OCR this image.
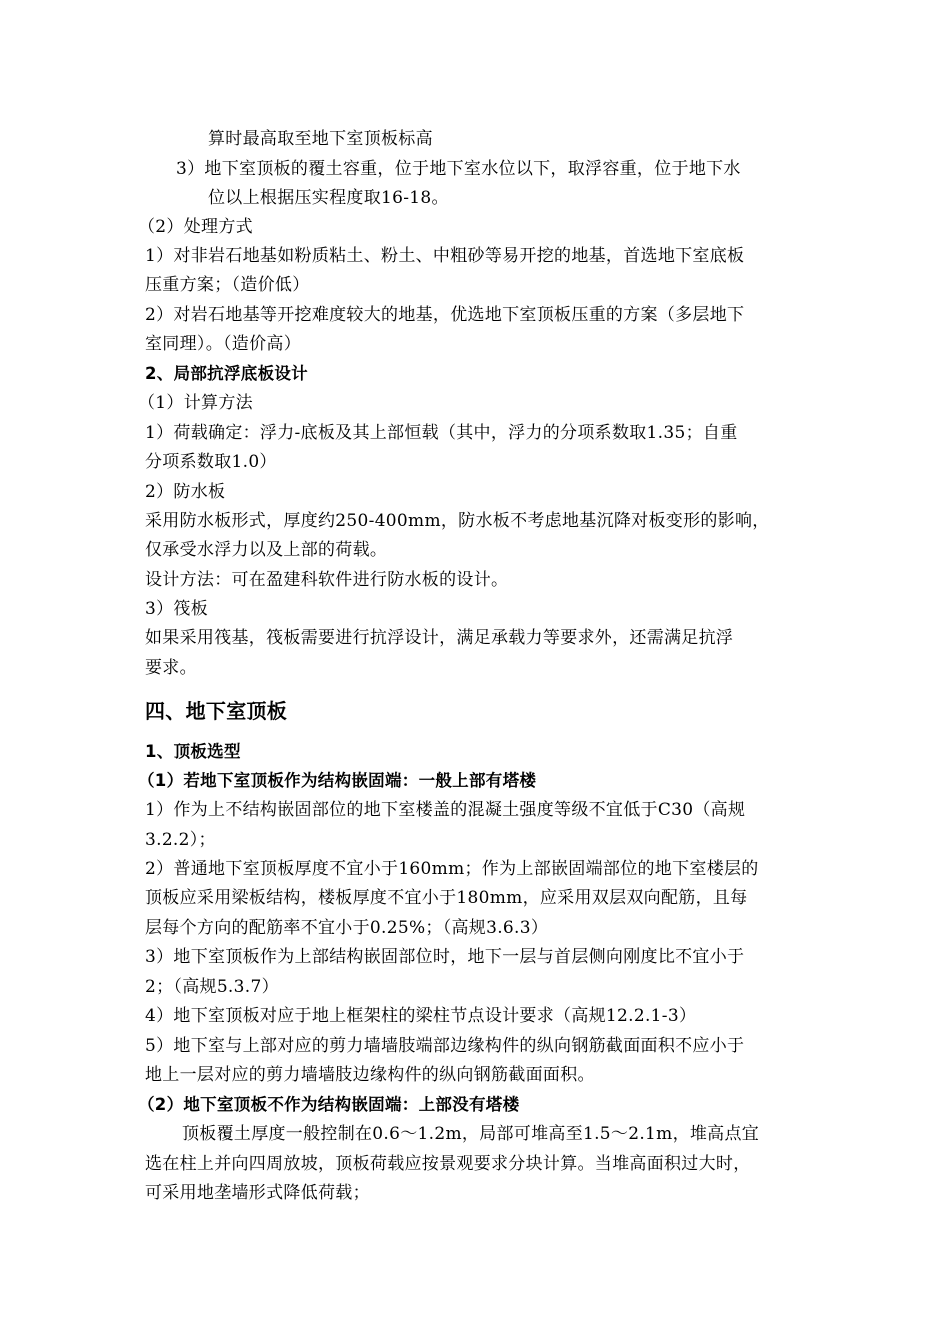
算时最高取至地下室顶板标高
3）地下室顶板的覆土容重，位于地下室水位以下，取浮容重，位于地下水
位以上根据压实程度取16-18。
（2）处理方式
1）对非岩石地基如粉质粘土、粉土、中粗砂等易开挖的地基，首选地下室底板
压重方案；（造价低）
2）对岩石地基等开挖难度较大的地基，优选地下室顶板压重的方案（多层地下
室同理）。（造价高）
2、局部抗浮底板设计
（1）计算方法
1）荷载确定：浮力-底板及其上部恒载（其中，浮力的分项系数取1.35；自重
分项系数取1.0）
2）防水板
采用防水板形式，厚度约250-400mm，防水板不考虑地基沉降对板变形的影响，
仅承受水浮力以及上部的荷载。
设计方法：可在盈建科软件进行防水板的设计。
3）筏板
如果采用筏基，筏板需要进行抗浮设计，满足承载力等要求外，还需满足抗浮
要求。
四、地下室顶板
1、顶板选型
（1）若地下室顶板作为结构嵌固端：一般上部有塔楼
1）作为上不结构嵌固部位的地下室楼盖的混凝土强度等级不宜低于C30（高规
3.2.2）；
2）普通地下室顶板厚度不宜小于160mm；作为上部嵌固端部位的地下室楼层的
顶板应采用梁板结构，楼板厚度不宜小于180mm，应采用双层双向配筋，且每
层每个方向的配筋率不宜小于0.25%；（高规3.6.3）
3）地下室顶板作为上部结构嵌固部位时，地下一层与首层侧向刚度比不宜小于
2；（高规5.3.7）
4）地下室顶板对应于地上框架柱的梁柱节点设计要求（高规12.2.1-3）
5）地下室与上部对应的剪力墙墙肢端部边缘构件的纵向钢筋截面面积不应小于
地上一层对应的剪力墙墙肢边缘构件的纵向钢筋截面面积。
（2）地下室顶板不作为结构嵌固端：上部没有塔楼
顶板覆土厚度一般控制在0.6～1.2m，局部可堆高至1.5～2.1m，堆高点宜
选在柱上并向四周放坡，顶板荷载应按景观要求分块计算。当堆高面积过大时，
可采用地垄墙形式降低荷载；
